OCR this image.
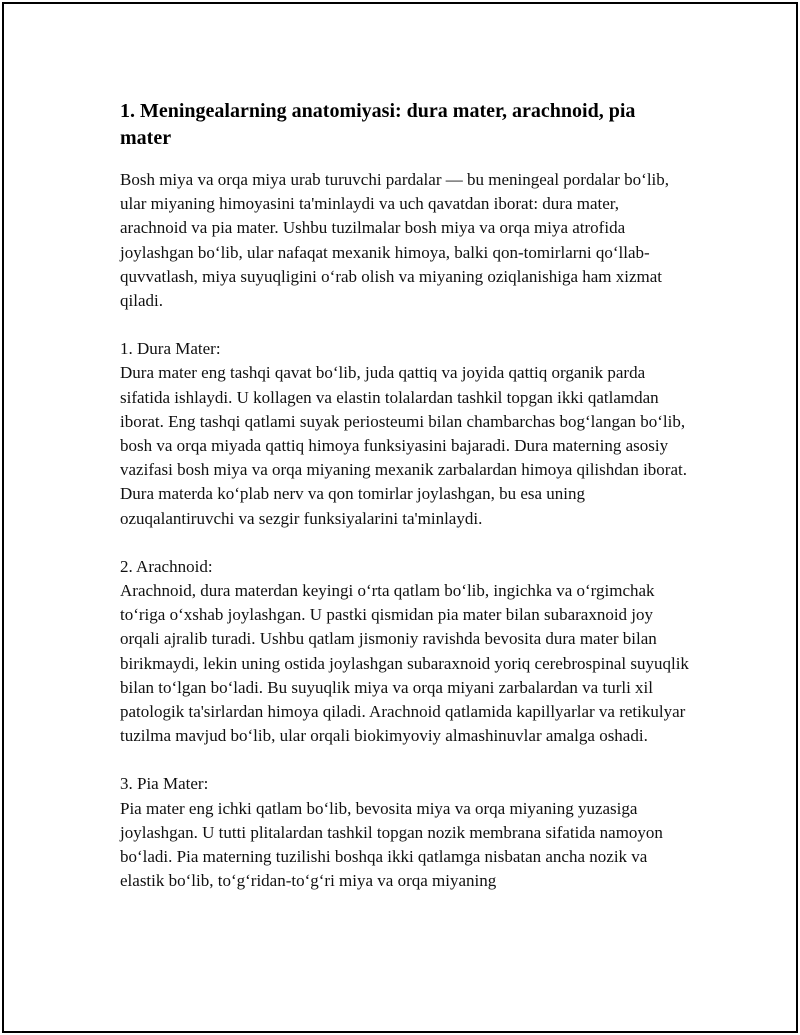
1. Meningealarning anatomiyasi: dura mater, arachnoid, pia mater

Bosh miya va orqa miya urab turuvchi pardalar — bu meningeal pordalar bo‘lib, ular miyaning himoyasini ta'minlaydi va uch qavatdan iborat: dura mater, arachnoid va pia mater. Ushbu tuzilmalar bosh miya va orqa miya atrofida joylashgan bo‘lib, ular nafaqat mexanik himoya, balki qon-tomirlarni qo‘llab-quvvatlash, miya suyuqligini o‘rab olish va miyaning oziqlanishiga ham xizmat qiladi.

1. Dura Mater:

Dura mater eng tashqi qavat bo‘lib, juda qattiq va joyida qattiq organik parda sifatida ishlaydi. U kollagen va elastin tolalardan tashkil topgan ikki qatlamdan iborat. Eng tashqi qatlami suyak periosteumi bilan chambarchas bog‘langan bo‘lib, bosh va orqa miyada qattiq himoya funksiyasini bajaradi. Dura materning asosiy vazifasi bosh miya va orqa miyaning mexanik zarbalardan himoya qilishdan iborat. Dura materda ko‘plab nerv va qon tomirlar joylashgan, bu esa uning ozuqalantiruvchi va sezgir funksiyalarini ta'minlaydi.

2. Arachnoid:

Arachnoid, dura materdan keyingi o‘rta qatlam bo‘lib, ingichka va o‘rgimchak to‘riga o‘xshab joylashgan. U pastki qismidan pia mater bilan subaraxnoid joy orqali ajralib turadi. Ushbu qatlam jismoniy ravishda bevosita dura mater bilan birikmaydi, lekin uning ostida joylashgan subaraxnoid yoriq cerebrospinal suyuqlik bilan to‘lgan bo‘ladi. Bu suyuqlik miya va orqa miyani zarbalardan va turli xil patologik ta'sirlardan himoya qiladi. Arachnoid qatlamida kapillyarlar va retikulyar tuzilma mavjud bo‘lib, ular orqali biokimyoviy almashinuvlar amalga oshadi.

3. Pia Mater:

Pia mater eng ichki qatlam bo‘lib, bevosita miya va orqa miyaning yuzasiga joylashgan. U tutti plitalardan tashkil topgan nozik membrana sifatida namoyon bo‘ladi. Pia materning tuzilishi boshqa ikki qatlamga nisbatan ancha nozik va elastik bo‘lib, to‘g‘ridan-to‘g‘ri miya va orqa miyaning
